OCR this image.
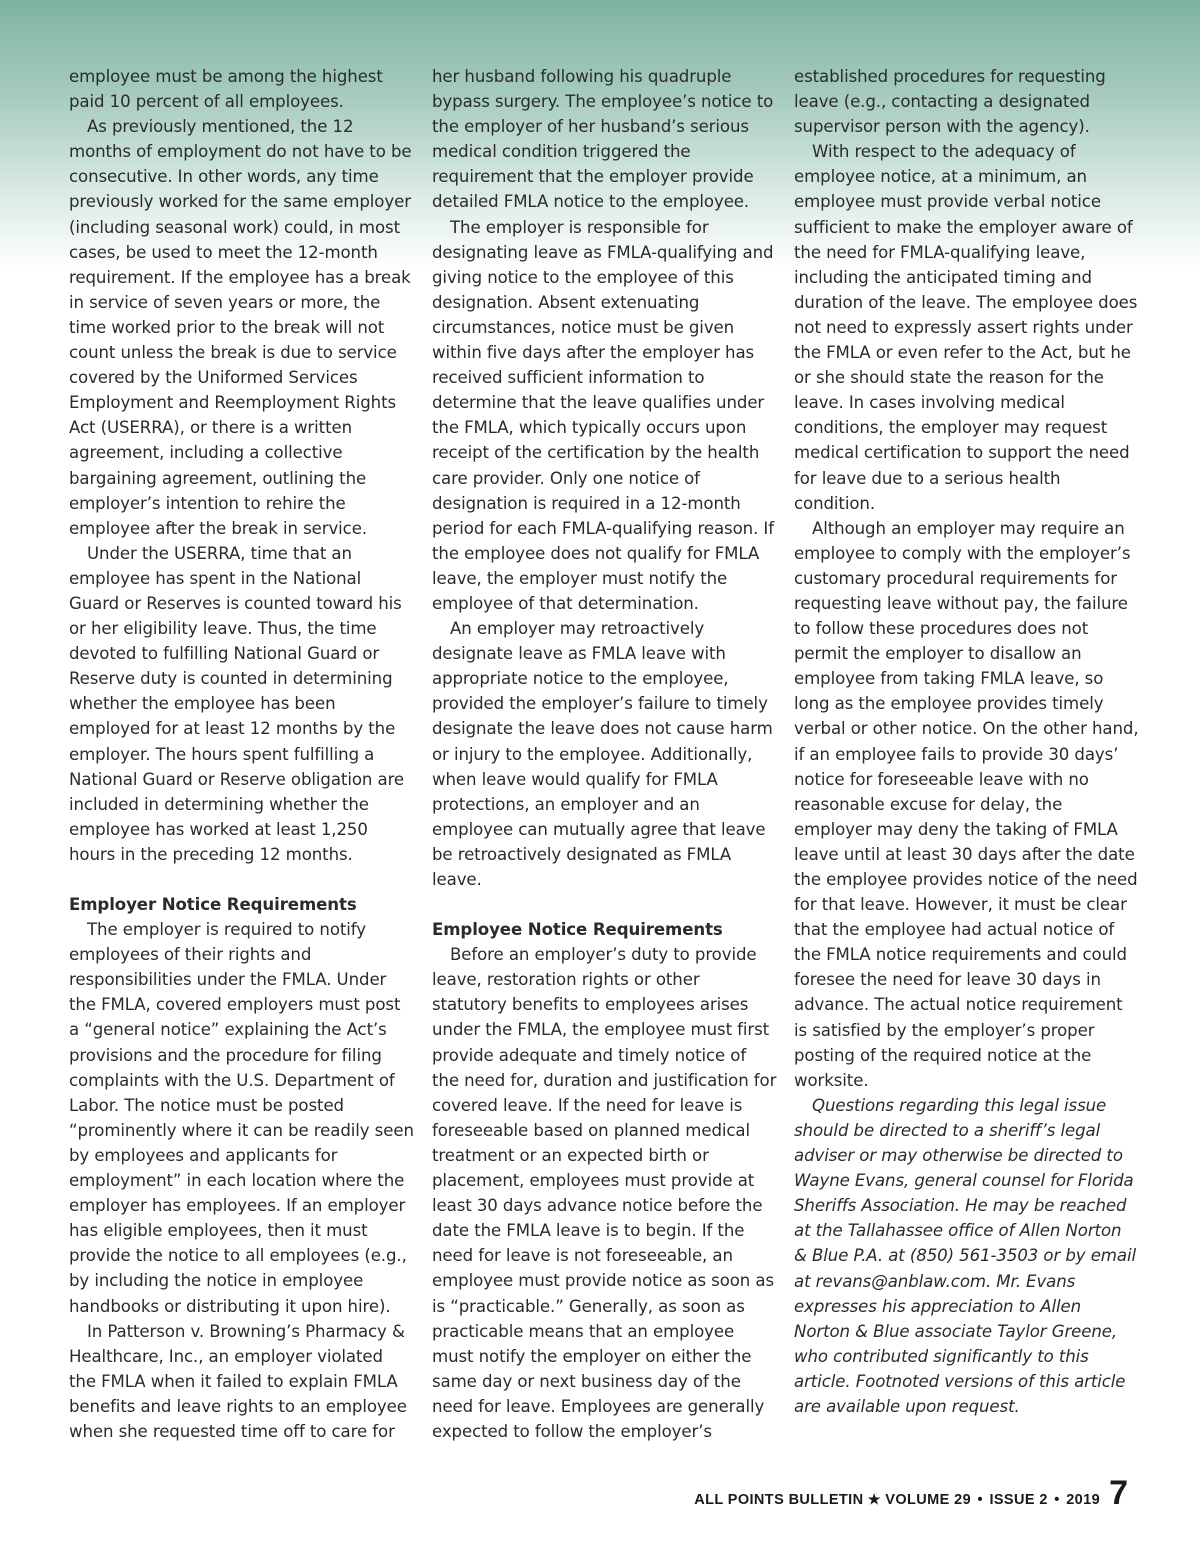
employee must be among the highest paid 10 percent of all employees.

As previously mentioned, the 12 months of employment do not have to be consecutive. In other words, any time previously worked for the same employer (including seasonal work) could, in most cases, be used to meet the 12-month requirement. If the employee has a break in service of seven years or more, the time worked prior to the break will not count unless the break is due to service covered by the Uniformed Services Employment and Reemployment Rights Act (USERRA), or there is a written agreement, including a collective bargaining agreement, outlining the employer’s intention to rehire the employee after the break in service.

Under the USERRA, time that an employee has spent in the National Guard or Reserves is counted toward his or her eligibility leave. Thus, the time devoted to fulfilling National Guard or Reserve duty is counted in determining whether the employee has been employed for at least 12 months by the employer. The hours spent fulfilling a National Guard or Reserve obligation are included in determining whether the employee has worked at least 1,250 hours in the preceding 12 months.

Employer Notice Requirements

The employer is required to notify employees of their rights and responsibilities under the FMLA. Under the FMLA, covered employers must post a “general notice” explaining the Act’s provisions and the procedure for filing complaints with the U.S. Department of Labor. The notice must be posted “prominently where it can be readily seen by employees and applicants for employment” in each location where the employer has employees. If an employer has eligible employees, then it must provide the notice to all employees (e.g., by including the notice in employee handbooks or distributing it upon hire).

In Patterson v. Browning’s Pharmacy & Healthcare, Inc., an employer violated the FMLA when it failed to explain FMLA benefits and leave rights to an employee when she requested time off to care for

her husband following his quadruple bypass surgery. The employee’s notice to the employer of her husband’s serious medical condition triggered the requirement that the employer provide detailed FMLA notice to the employee.

The employer is responsible for designating leave as FMLA-qualifying and giving notice to the employee of this designation. Absent extenuating circumstances, notice must be given within five days after the employer has received sufficient information to determine that the leave qualifies under the FMLA, which typically occurs upon receipt of the certification by the health care provider. Only one notice of designation is required in a 12-month period for each FMLA-qualifying reason. If the employee does not qualify for FMLA leave, the employer must notify the employee of that determination.

An employer may retroactively designate leave as FMLA leave with appropriate notice to the employee, provided the employer’s failure to timely designate the leave does not cause harm or injury to the employee. Additionally, when leave would qualify for FMLA protections, an employer and an employee can mutually agree that leave be retroactively designated as FMLA leave.

Employee Notice Requirements

Before an employer’s duty to provide leave, restoration rights or other statutory benefits to employees arises under the FMLA, the employee must first provide adequate and timely notice of the need for, duration and justification for covered leave. If the need for leave is foreseeable based on planned medical treatment or an expected birth or placement, employees must provide at least 30 days advance notice before the date the FMLA leave is to begin. If the need for leave is not foreseeable, an employee must provide notice as soon as is “practicable.” Generally, as soon as practicable means that an employee must notify the employer on either the same day or next business day of the need for leave. Employees are generally expected to follow the employer’s

established procedures for requesting leave (e.g., contacting a designated supervisor person with the agency).

With respect to the adequacy of employee notice, at a minimum, an employee must provide verbal notice sufficient to make the employer aware of the need for FMLA-qualifying leave, including the anticipated timing and duration of the leave. The employee does not need to expressly assert rights under the FMLA or even refer to the Act, but he or she should state the reason for the leave. In cases involving medical conditions, the employer may request medical certification to support the need for leave due to a serious health condition.

Although an employer may require an employee to comply with the employer’s customary procedural requirements for requesting leave without pay, the failure to follow these procedures does not permit the employer to disallow an employee from taking FMLA leave, so long as the employee provides timely verbal or other notice. On the other hand, if an employee fails to provide 30 days’ notice for foreseeable leave with no reasonable excuse for delay, the employer may deny the taking of FMLA leave until at least 30 days after the date the employee provides notice of the need for that leave. However, it must be clear that the employee had actual notice of the FMLA notice requirements and could foresee the need for leave 30 days in advance. The actual notice requirement is satisfied by the employer’s proper posting of the required notice at the worksite.

Questions regarding this legal issue should be directed to a sheriff’s legal adviser or may otherwise be directed to Wayne Evans, general counsel for Florida Sheriffs Association. He may be reached at the Tallahassee office of Allen Norton & Blue P.A. at (850) 561-3503 or by email at revans@anblaw.com. Mr. Evans expresses his appreciation to Allen Norton & Blue associate Taylor Greene, who contributed significantly to this article. Footnoted versions of this article are available upon request.

ALL POINTS BULLETIN ★ VOLUME 29 • ISSUE 2 • 2019 7
